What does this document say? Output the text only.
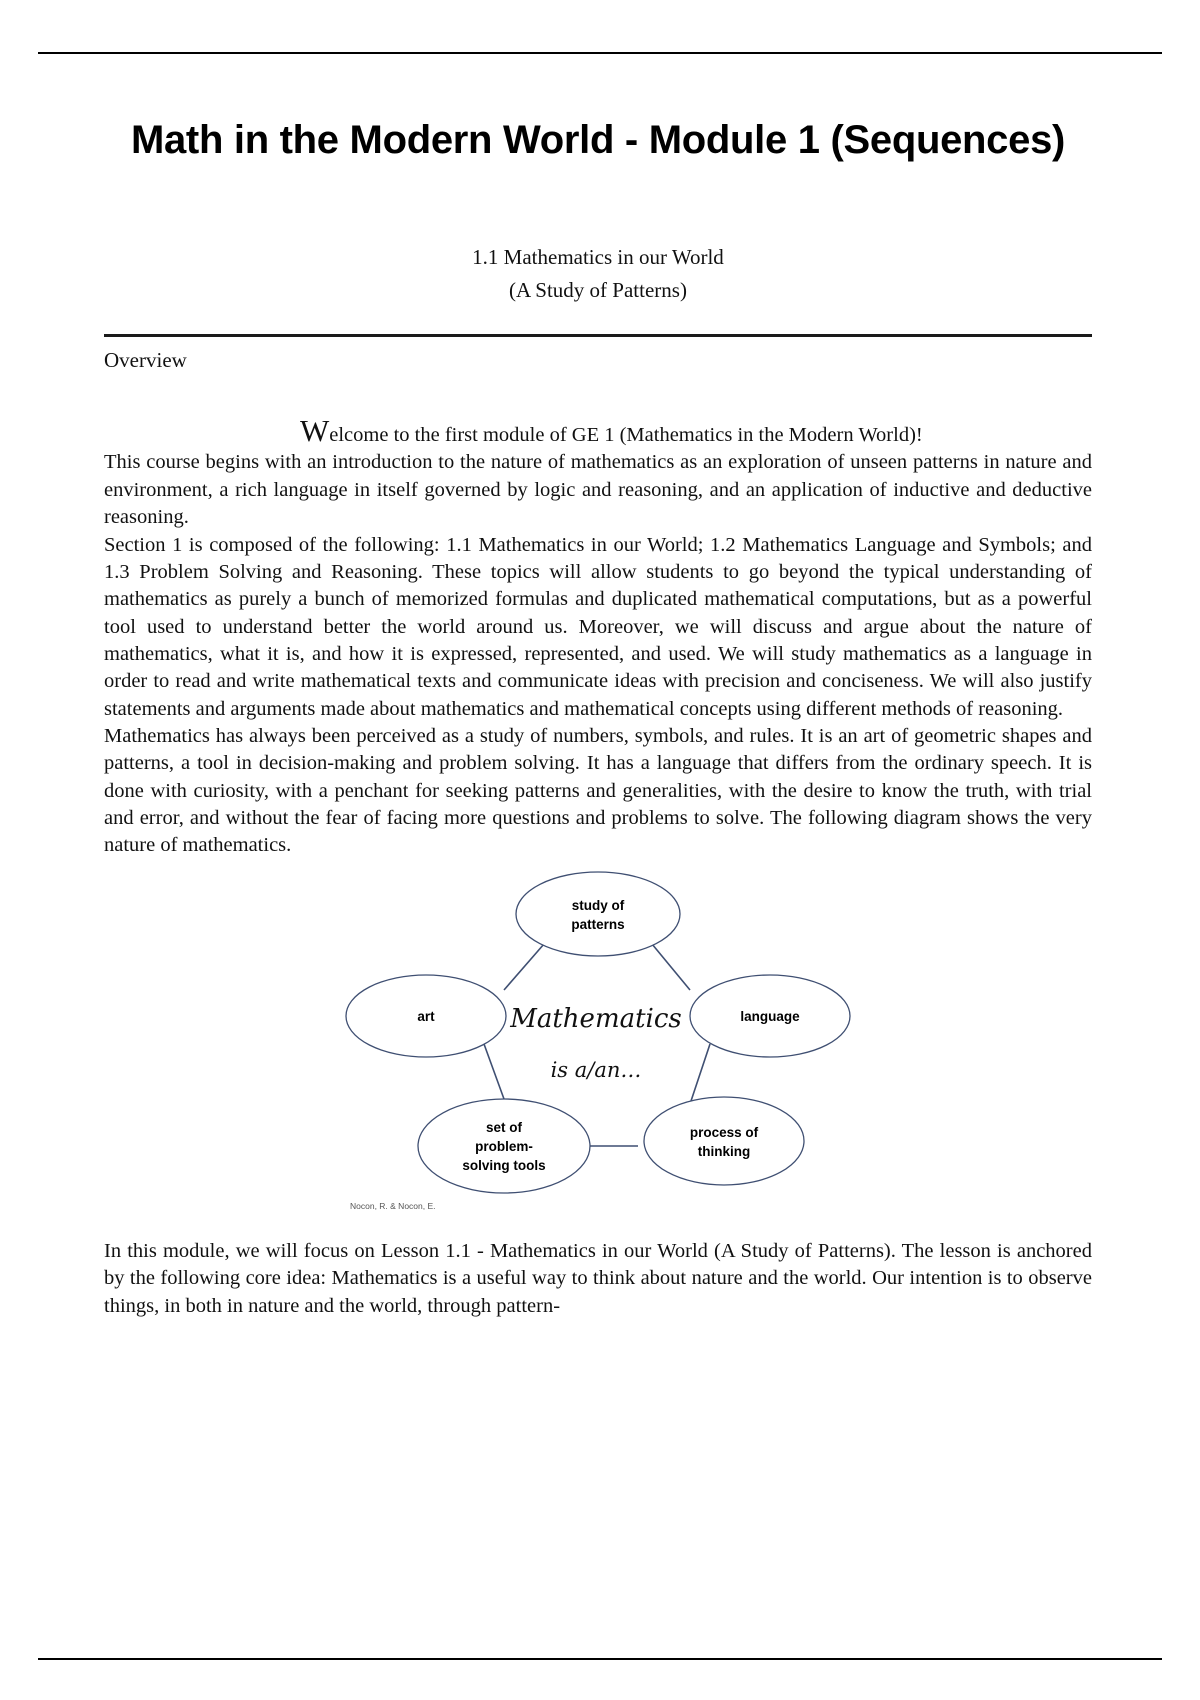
Math in the Modern World - Module 1 (Sequences)
1.1 Mathematics in our World
(A Study of Patterns)
Overview

Welcome to the first module of GE 1 (Mathematics in the Modern World)!

This course begins with an introduction to the nature of mathematics as an exploration of unseen patterns in nature and environment, a rich language in itself governed by logic and reasoning, and an application of inductive and deductive reasoning.

Section 1 is composed of the following: 1.1 Mathematics in our World; 1.2 Mathematics Language and Symbols; and 1.3 Problem Solving and Reasoning. These topics will allow students to go beyond the typical understanding of mathematics as purely a bunch of memorized formulas and duplicated mathematical computations, but as a powerful tool used to understand better the world around us. Moreover, we will discuss and argue about the nature of mathematics, what it is, and how it is expressed, represented, and used. We will study mathematics as a language in order to read and write mathematical texts and communicate ideas with precision and conciseness. We will also justify statements and arguments made about mathematics and mathematical concepts using different methods of reasoning.

Mathematics has always been perceived as a study of numbers, symbols, and rules. It is an art of geometric shapes and patterns, a tool in decision-making and problem solving. It has a language that differs from the ordinary speech. It is done with curiosity, with a penchant for seeking patterns and generalities, with the desire to know the truth, with trial and error, and without the fear of facing more questions and problems to solve. The following diagram shows the very nature of mathematics.

study of
patterns
art	language
set of
problem-
solving tools
process of
thinking
Mathematics
is a/an…
Nocon, R. & Nocon, E.

In this module, we will focus on Lesson 1.1 - Mathematics in our World (A Study of Patterns). The lesson is anchored by the following core idea: Mathematics is a useful way to think about nature and the world. Our intention is to observe things, in both in nature and the world, through pattern-
